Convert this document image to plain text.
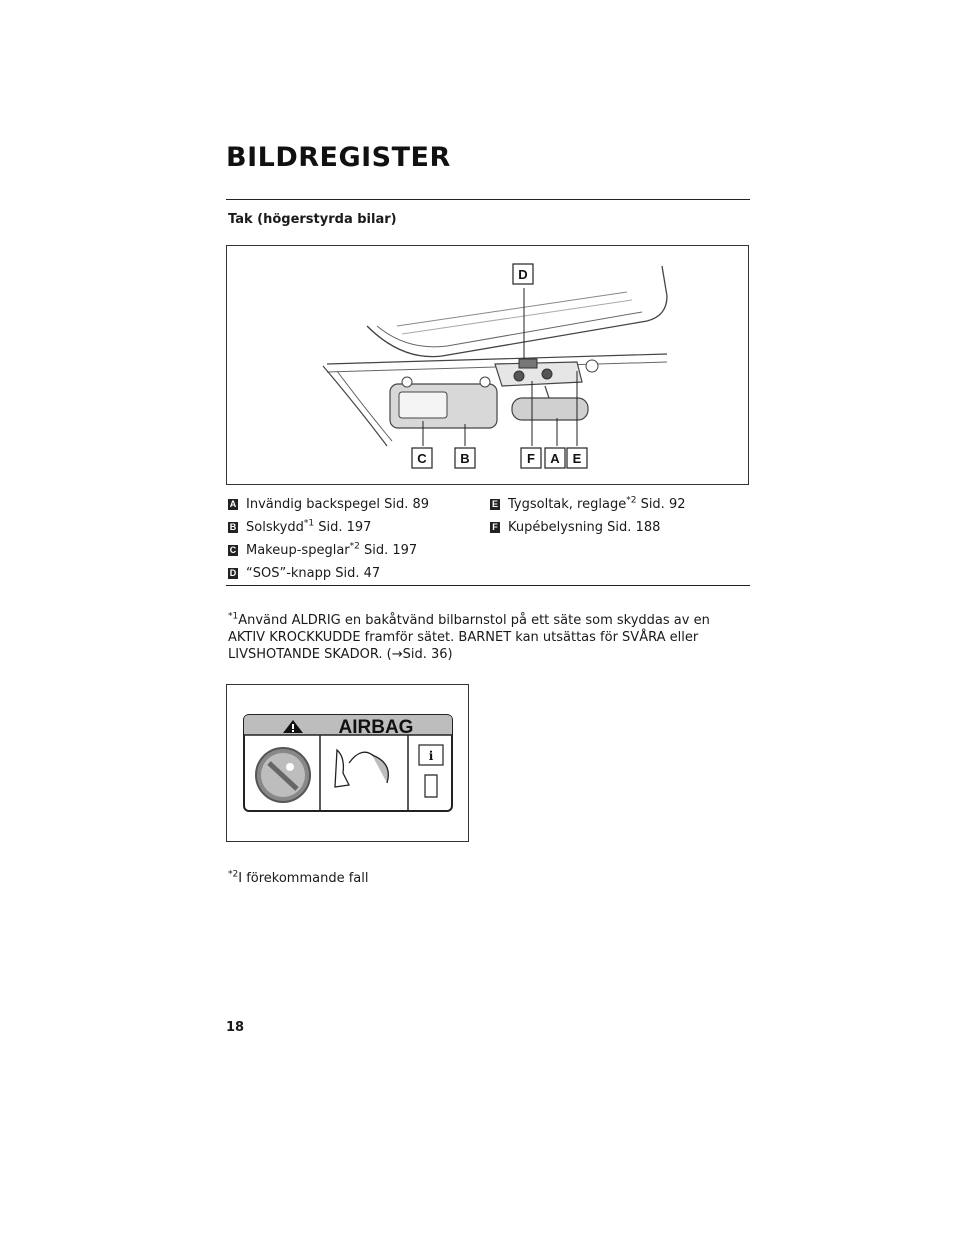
BILDREGISTER
Tak (högerstyrda bilar)
D
C	B	F A E
A Invändig backspegel Sid. 89
B Solskydd$^{*1}$ Sid. 197
C Makeup-speglar$^{*2}$ Sid. 197
D “SOS”-knapp Sid. 47
E Tygsoltak, reglage$^{*2}$ Sid. 92
F Kupébelysning Sid. 188
$^{*1}$Använd ALDRIG en bakåtvänd bilbarnstol på ett säte som skyddas av en AKTIV KROCKKUDDE framför sätet. BARNET kan utsättas för SVÅRA eller LIVSHOTANDE SKADOR. (→Sid. 36)
AIRBAG
i
$^{*2}$I förekommande fall
18
